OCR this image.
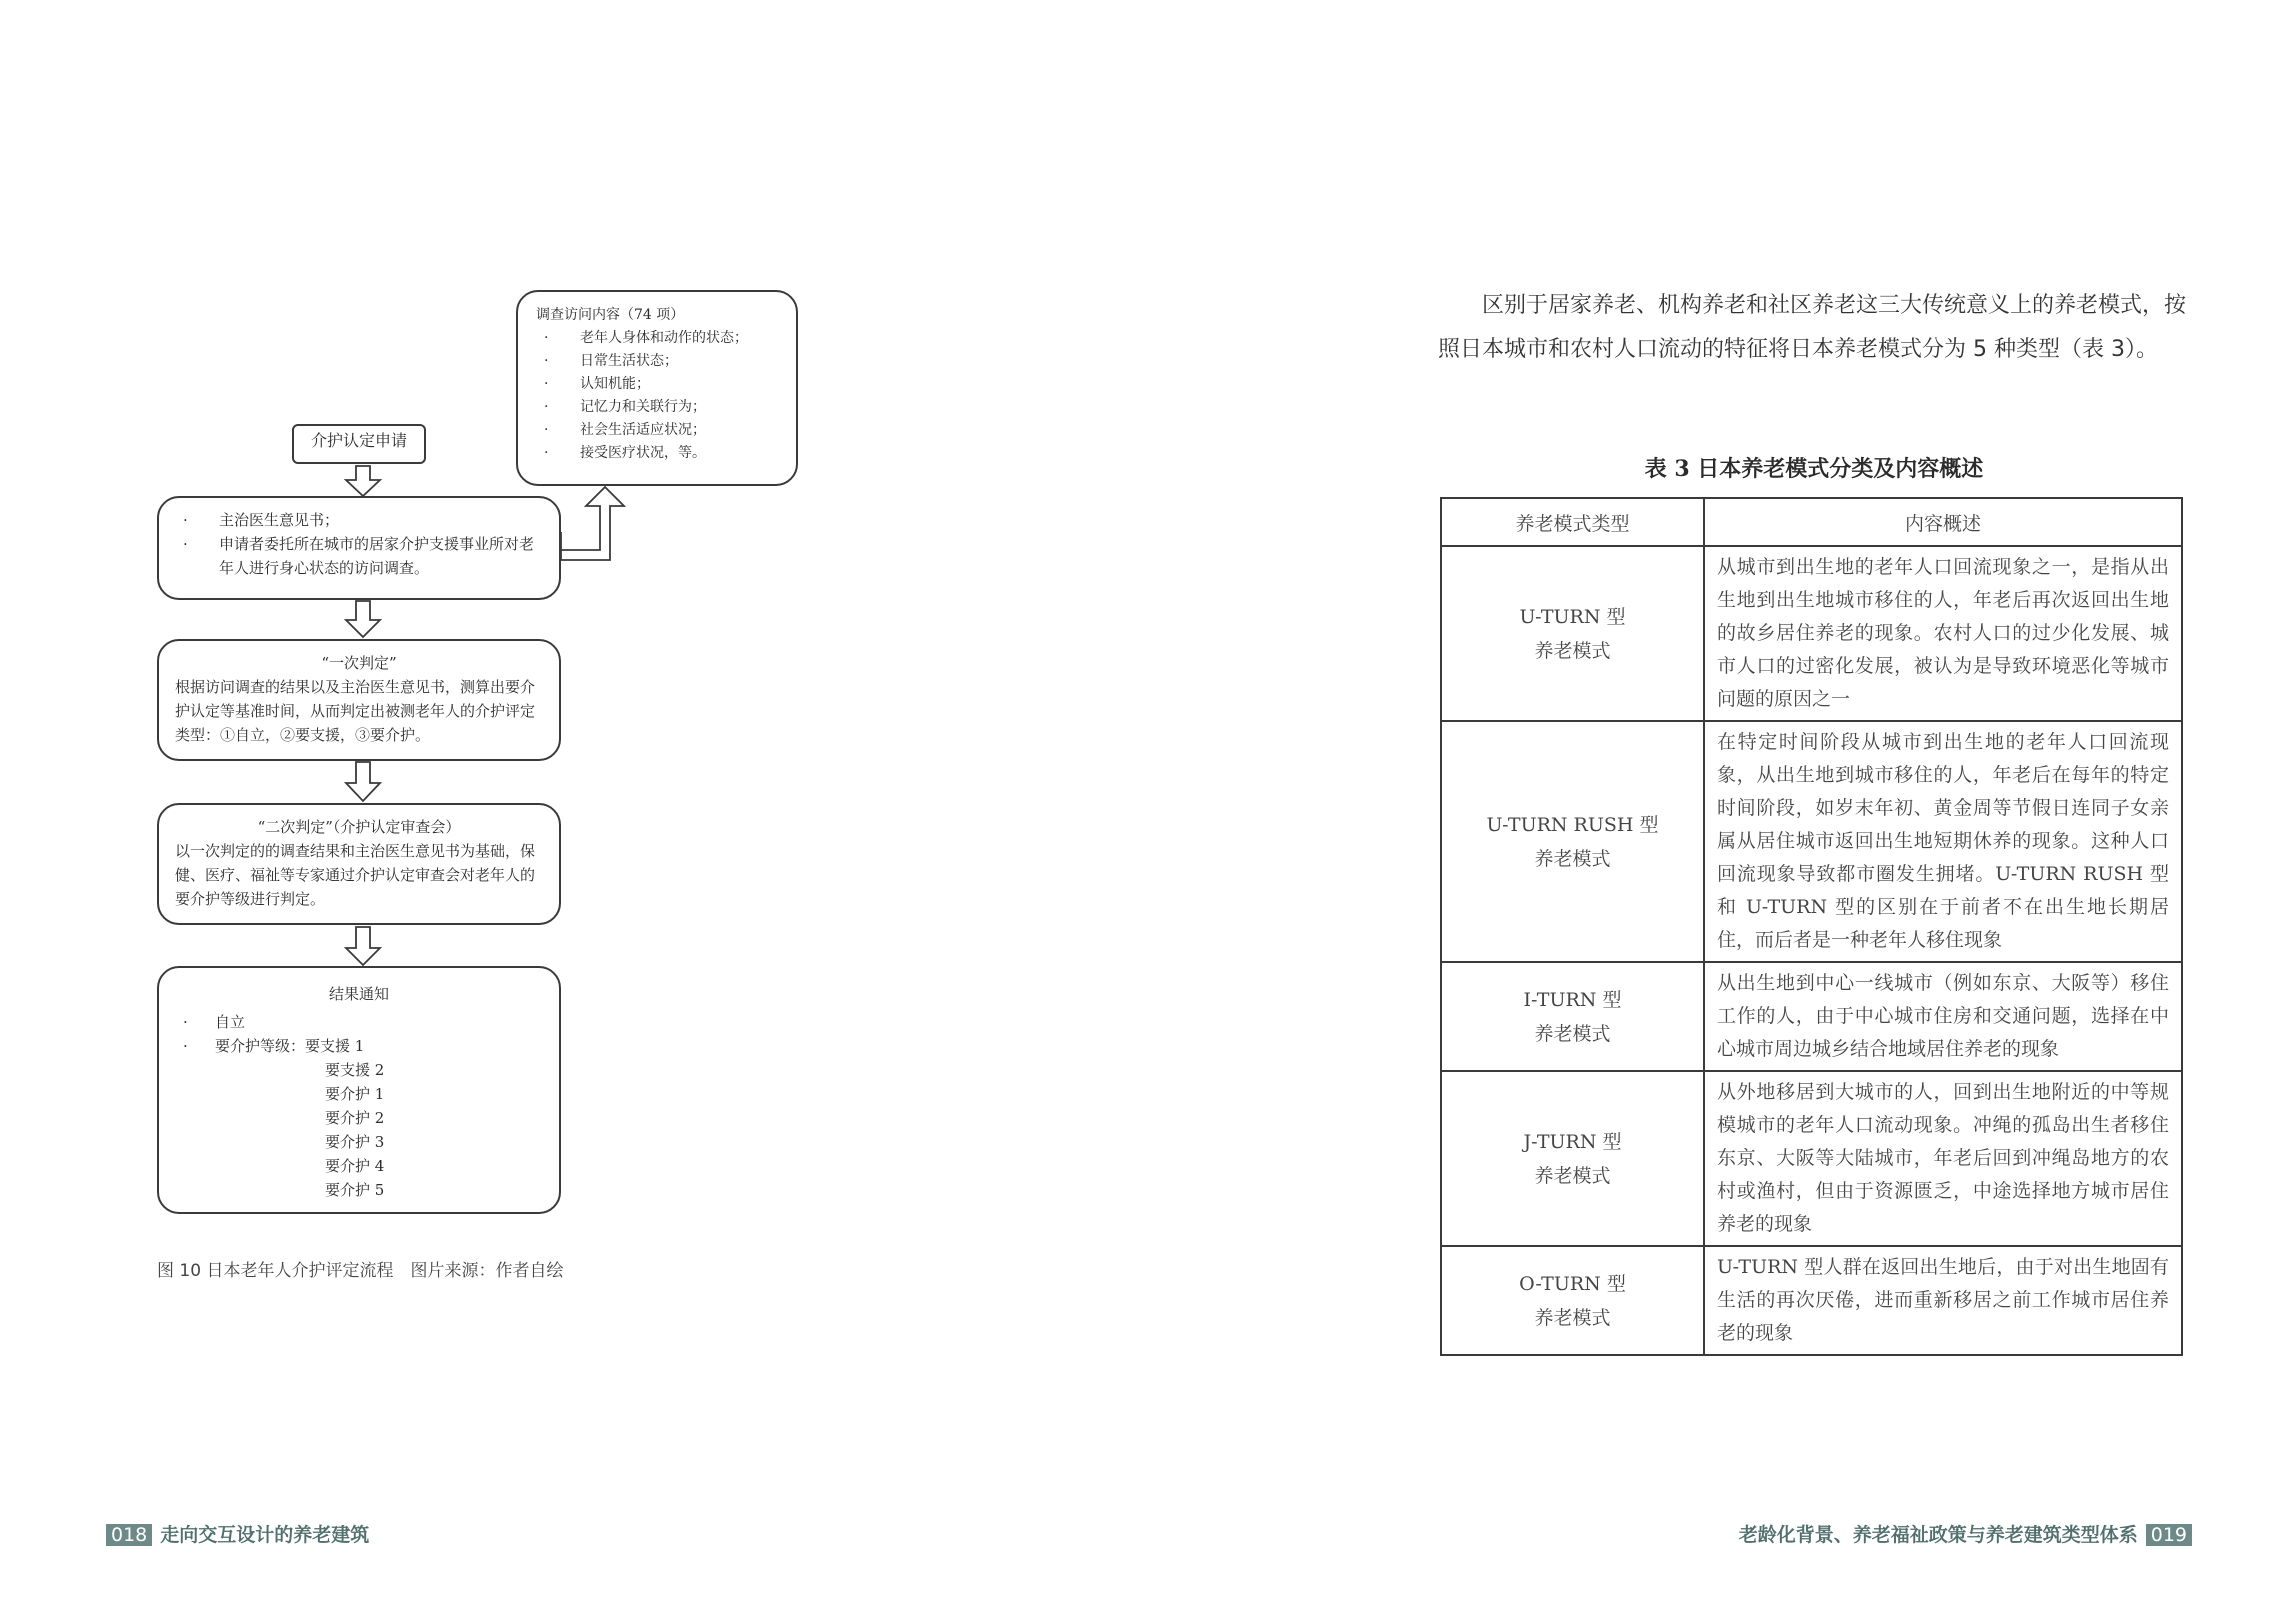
调查访问内容（74 项）
· 老年人身体和动作的状态；
· 日常生活状态；
· 认知机能；
· 记忆力和关联行为；
· 社会生活适应状况；
· 接受医疗状况，等。
介护认定申请
· 主治医生意见书；
· 申请者委托所在城市的居家介护支援事业所对老年人进行身心状态的访问调查。
“一次判定”
根据访问调查的结果以及主治医生意见书，测算出要介护认定等基准时间，从而判定出被测老年人的介护评定类型：①自立，②要支援，③要介护。
“二次判定”（介护认定审查会）
以一次判定的的调查结果和主治医生意见书为基础，保健、医疗、福祉等专家通过介护认定审查会对老年人的要介护等级进行判定。
结果通知
· 自立
· 要介护等级：要支援 1
要支援 2
要介护 1
要介护 2
要介护 3
要介护 4
要介护 5
图 10 日本老年人介护评定流程　图片来源：作者自绘
区别于居家养老、机构养老和社区养老这三大传统意义上的养老模式，按照日本城市和农村人口流动的特征将日本养老模式分为 5 种类型（表 3）。
表 3 日本养老模式分类及内容概述
养老模式类型	内容概述
U-TURN 型
养老模式	从城市到出生地的老年人口回流现象之一，是指从出生地到出生地城市移住的人，年老后再次返回出生地的故乡居住养老的现象。农村人口的过少化发展、城市人口的过密化发展，被认为是导致环境恶化等城市问题的原因之一
U-TURN RUSH 型
养老模式	在特定时间阶段从城市到出生地的老年人口回流现象，从出生地到城市移住的人，年老后在每年的特定时间阶段，如岁末年初、黄金周等节假日连同子女亲属从居住城市返回出生地短期休养的现象。这种人口回流现象导致都市圈发生拥堵。U-TURN RUSH 型和 U-TURN 型的区别在于前者不在出生地长期居住，而后者是一种老年人移住现象
I-TURN 型
养老模式	从出生地到中心一线城市（例如东京、大阪等）移住工作的人，由于中心城市住房和交通问题，选择在中心城市周边城乡结合地域居住养老的现象
J-TURN 型
养老模式	从外地移居到大城市的人，回到出生地附近的中等规模城市的老年人口流动现象。冲绳的孤岛出生者移住东京、大阪等大陆城市，年老后回到冲绳岛地方的农村或渔村，但由于资源匮乏，中途选择地方城市居住养老的现象
O-TURN 型
养老模式	U-TURN 型人群在返回出生地后，由于对出生地固有生活的再次厌倦，进而重新移居之前工作城市居住养老的现象
018 走向交互设计的养老建筑	老龄化背景、养老福祉政策与养老建筑类型体系 019
